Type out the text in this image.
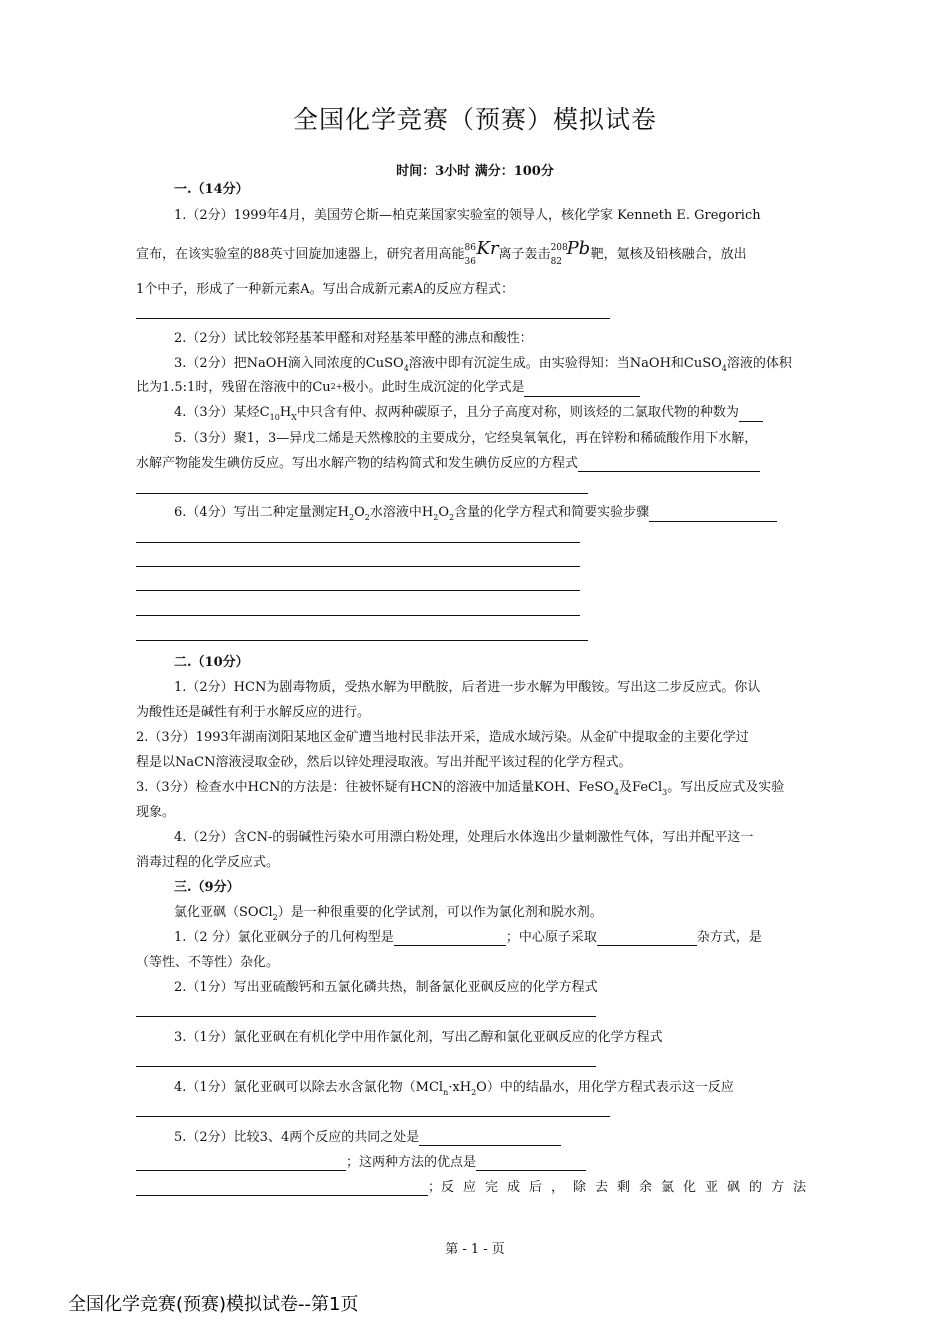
全国化学竞赛（预赛）模拟试卷
时间：3小时 满分：100分
一.（14分）
1.（2分）1999年4月，美国劳仑斯—柏克莱国家实验室的领导人，核化学家 Kenneth E. Gregorich
宣布，在该实验室的88英寸回旋加速器上，研究者用高能 86
36
Kr 离子轰击 208
82
Pb 靶，氪核及铅核融合，放出
1个中子，形成了一种新元素A。写出合成新元素A的反应方程式：
2.（2分）试比较邻羟基苯甲醛和对羟基苯甲醛的沸点和酸性：
3.（2分）把NaOH滴入同浓度的CuSO$_4$溶液中即有沉淀生成。由实验得知：当NaOH和CuSO$_4$溶液的体积
比为1.5:1时，残留在溶液中的Cu2+极小。此时生成沉淀的化学式是
4.（3分）某烃$C_{10}H_X$中只含有仲、叔两种碳原子，且分子高度对称，则该烃的二氯取代物的种数为
5.（3分）聚1，3—异戊二烯是天然橡胶的主要成分，它经臭氧氧化，再在锌粉和稀硫酸作用下水解，
水解产物能发生碘仿反应。写出水解产物的结构简式和发生碘仿反应的方程式
6.（4分）写出二种定量测定$H_2O_2$水溶液中$H_2O_2$含量的化学方程式和简要实验步骤
二.（10分）
1.（2分）HCN为剧毒物质，受热水解为甲酰胺，后者进一步水解为甲酸铵。写出这二步反应式。你认
为酸性还是碱性有利于水解反应的进行。
2.（3分）1993年湖南浏阳某地区金矿遭当地村民非法开采，造成水域污染。从金矿中提取金的主要化学过
程是以NaCN溶液浸取金砂，然后以锌处理浸取液。写出并配平该过程的化学方程式。
3.（3分）检查水中HCN的方法是：往被怀疑有HCN的溶液中加适量KOH、FeSO$_4$及FeCl$_3$。写出反应式及实验
现象。
4.（2分）含CN-的弱碱性污染水可用漂白粉处理，处理后水体逸出少量刺激性气体，写出并配平这一
消毒过程的化学反应式。
三.（9分）
氯化亚砜（SOCl$_2$）是一种很重要的化学试剂，可以作为氯化剂和脱水剂。
1.（2 分）氯化亚砜分子的几何构型是	；中心原子采取	杂方式，是
（等性、不等性）杂化。
2.（1分）写出亚硫酸钙和五氯化磷共热，制备氯化亚砜反应的化学方程式
3.（1分）氯化亚砜在有机化学中用作氯化剂，写出乙醇和氯化亚砜反应的化学方程式
4.（1分）氯化亚砜可以除去水含氯化物$(MCl_n\cdot xH_2O)$中的结晶水，用化学方程式表示这一反应
5.（2分）比较3、4两个反应的共同之处是
；这两种方法的优点是
； 反应完成后，除去剩余氯化亚砜的方法
第 - 1 - 页
全国化学竞赛(预赛)模拟试卷--第1页
